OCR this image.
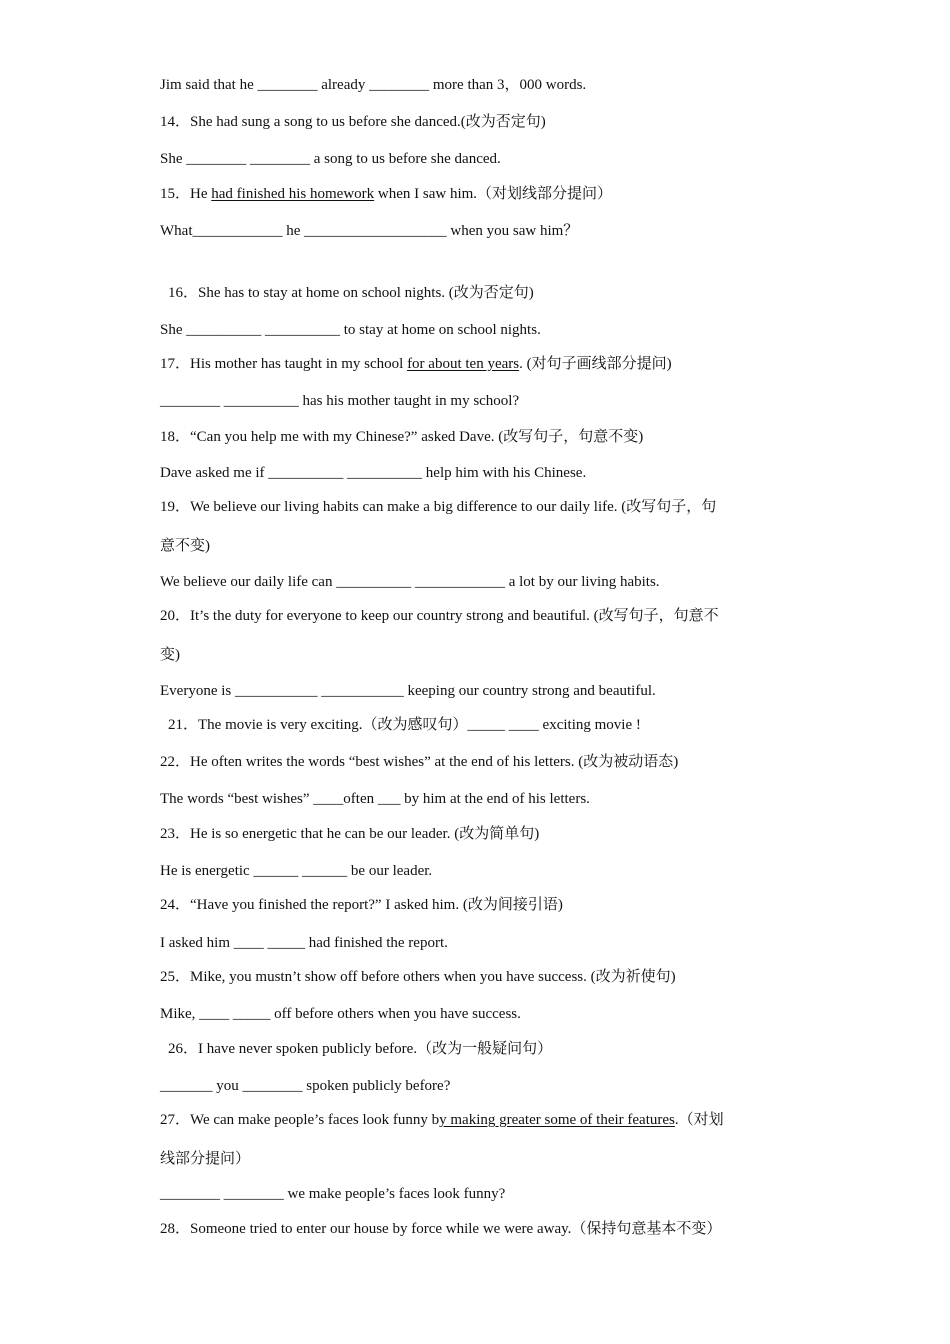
Jim said that he ________ already ________ more than 3，000 words.
14．She had sung a song to us before she danced.(改为否定句)
She ________ ________ a song to us before she danced.
15．He had finished his homework when I saw him.（对划线部分提问）
What____________ he ___________________ when you saw him？
16．She has to stay at home on school nights. (改为否定句)
She __________ __________ to stay at home on school nights.
17．His mother has taught in my school for about ten years. (对句子画线部分提问)
________ __________ has his mother taught in my school?
18．“Can you help me with my Chinese?” asked Dave. (改写句子，句意不变)
Dave asked me if __________ __________ help him with his Chinese.
19．We believe our living habits can make a big difference to our daily life. (改写句子，句
意不变)
We believe our daily life can __________ ____________ a lot by our living habits.
20．It’s the duty for everyone to keep our country strong and beautiful. (改写句子，句意不
变)
Everyone is ___________ ___________ keeping our country strong and beautiful.
21．The movie is very exciting.（改为感叹句）_____ ____ exciting movie !
22．He often writes the words “best wishes” at the end of his letters. (改为被动语态)
The words “best wishes” ____often ___ by him at the end of his letters.
23．He is so energetic that he can be our leader. (改为简单句)
He is energetic ______ ______ be our leader.
24．“Have you finished the report?” I asked him. (改为间接引语)
I asked him ____ _____ had finished the report.
25．Mike, you mustn’t show off before others when you have success. (改为祈使句)
Mike, ____ _____ off before others when you have success.
26．I have never spoken publicly before.（改为一般疑问句）
_______ you ________ spoken publicly before?
27．We can make people’s faces look funny by making greater some of their features.（对划
线部分提问）
________ ________ we make people’s faces look funny?
28．Someone tried to enter our house by force while we were away.（保持句意基本不变）
